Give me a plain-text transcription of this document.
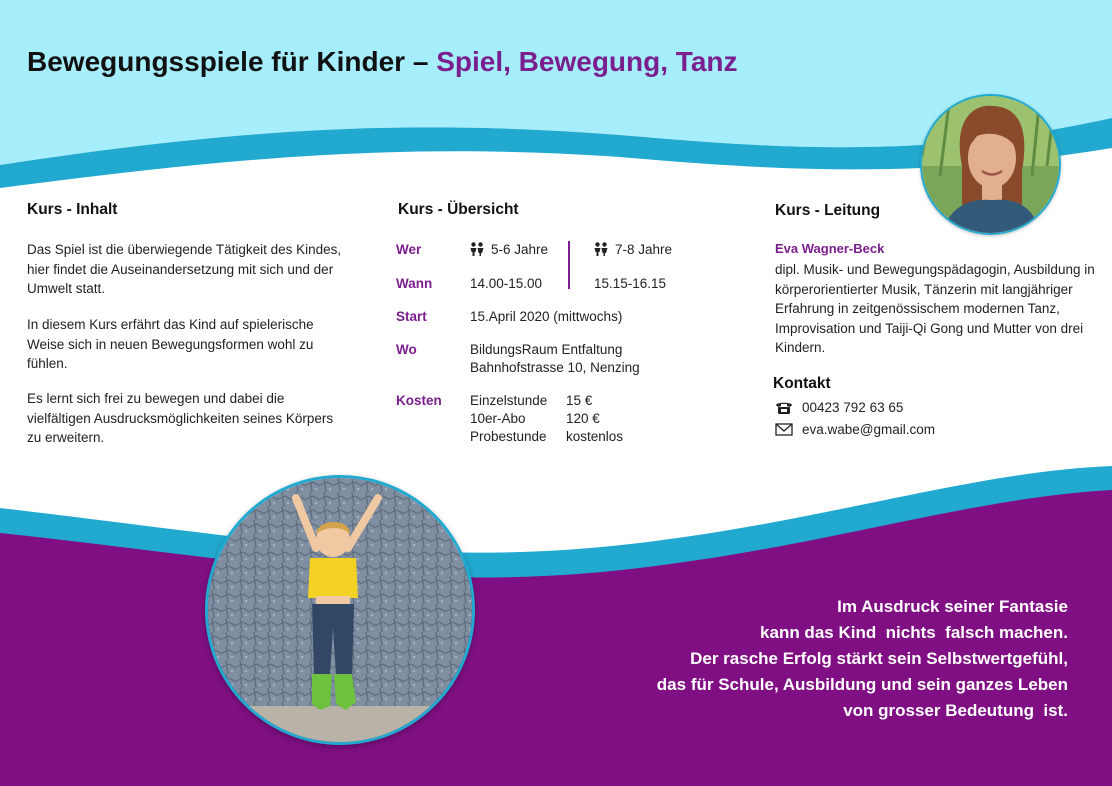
Bewegungsspiele für Kinder – Spiel, Bewegung, Tanz
Kurs - Inhalt

Das Spiel ist die überwiegende Tätigkeit des Kindes, hier findet die Auseinandersetzung mit sich und der Umwelt statt.

In diesem Kurs erfährt das Kind auf spielerische Weise sich in neuen Bewegungsformen wohl zu fühlen.

Es lernt sich frei zu bewegen und dabei die vielfältigen Ausdrucksmöglichkeiten seines Körpers zu erweitern.

Kurs - Übersicht
Wer	5-6 Jahre	7-8 Jahre
Wann	14.00-15.00	15.15-16.15
Start	15.April 2020 (mittwochs)
Wo	BildungsRaum Entfaltung
Bahnhofstrasse 10, Nenzing
Kosten Einzelstunde 15 €
10er-Abo	120 €
Probestunde kostenlos
Kurs - Leitung
Eva Wagner-Beck

dipl. Musik- und Bewegungspädagogin, Ausbildung in körperorientierter Musik, Tänzerin mit langjähriger Erfahrung in zeitgenössischem modernen Tanz, Improvisation und Taiji-Qi Gong und Mutter von drei Kindern.

Kontakt
00423 792 63 65
eva.wabe@gmail.com
Im Ausdruck seiner Fantasie
kann das Kind  nichts  falsch machen.
Der rasche Erfolg stärkt sein Selbstwertgefühl,
das für Schule, Ausbildung und sein ganzes Leben
von grosser Bedeutung  ist.
